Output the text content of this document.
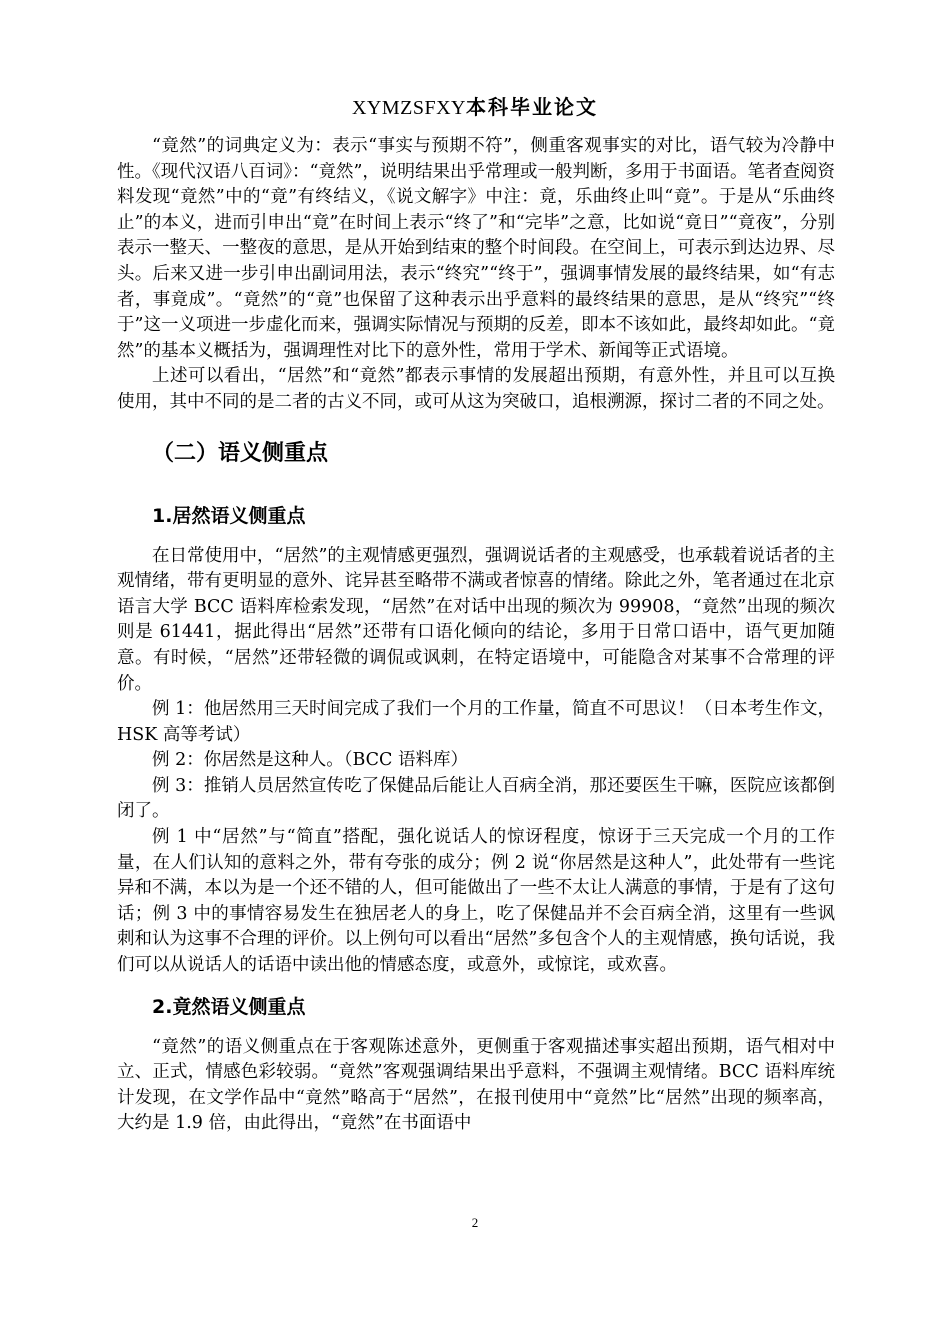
XYMZSFXY本科毕业论文

“竟然”的词典定义为：表示“事实与预期不符”，侧重客观事实的对比，语气较为冷静中性。《现代汉语八百词》：“竟然”，说明结果出乎常理或一般判断，多用于书面语。笔者查阅资料发现“竟然”中的“竟”有终结义，《说文解字》中注：竟，乐曲终止叫“竟”。于是从“乐曲终止”的本义，进而引申出“竟”在时间上表示“终了”和“完毕”之意，比如说“竟日”“竟夜”，分别表示一整天、一整夜的意思，是从开始到结束的整个时间段。在空间上，可表示到达边界、尽头。后来又进一步引申出副词用法，表示“终究”“终于”，强调事情发展的最终结果，如“有志者，事竟成”。“竟然”的“竟”也保留了这种表示出乎意料的最终结果的意思，是从“终究”“终于”这一义项进一步虚化而来，强调实际情况与预期的反差，即本不该如此，最终却如此。“竟然”的基本义概括为，强调理性对比下的意外性，常用于学术、新闻等正式语境。

上述可以看出，“居然”和“竟然”都表示事情的发展超出预期，有意外性，并且可以互换使用，其中不同的是二者的古义不同，或可从这为突破口，追根溯源，探讨二者的不同之处。

（二）语义侧重点
1.居然语义侧重点

在日常使用中，“居然”的主观情感更强烈，强调说话者的主观感受，也承载着说话者的主观情绪，带有更明显的意外、诧异甚至略带不满或者惊喜的情绪。除此之外，笔者通过在北京语言大学 BCC 语料库检索发现，“居然”在对话中出现的频次为 99908，“竟然”出现的频次则是 61441，据此得出“居然”还带有口语化倾向的结论，多用于日常口语中，语气更加随意。有时候，“居然”还带轻微的调侃或讽刺，在特定语境中，可能隐含对某事不合常理的评价。

例 1：他居然用三天时间完成了我们一个月的工作量，简直不可思议！（日本考生作文，HSK 高等考试）

例 2：你居然是这种人。（BCC 语料库）

例 3：推销人员居然宣传吃了保健品后能让人百病全消，那还要医生干嘛，医院应该都倒闭了。

例 1 中“居然”与“简直”搭配，强化说话人的惊讶程度，惊讶于三天完成一个月的工作量，在人们认知的意料之外，带有夸张的成分；例 2 说“你居然是这种人”，此处带有一些诧异和不满，本以为是一个还不错的人，但可能做出了一些不太让人满意的事情，于是有了这句话；例 3 中的事情容易发生在独居老人的身上，吃了保健品并不会百病全消，这里有一些讽刺和认为这事不合理的评价。以上例句可以看出“居然”多包含个人的主观情感，换句话说，我们可以从说话人的话语中读出他的情感态度，或意外，或惊诧，或欢喜。

2.竟然语义侧重点

“竟然”的语义侧重点在于客观陈述意外，更侧重于客观描述事实超出预期，语气相对中立、正式，情感色彩较弱。“竟然”客观强调结果出乎意料，不强调主观情绪。BCC 语料库统计发现，在文学作品中“竟然”略高于“居然”，在报刊使用中“竟然”比“居然”出现的频率高，大约是 1.9 倍，由此得出，“竟然”在书面语中

2
